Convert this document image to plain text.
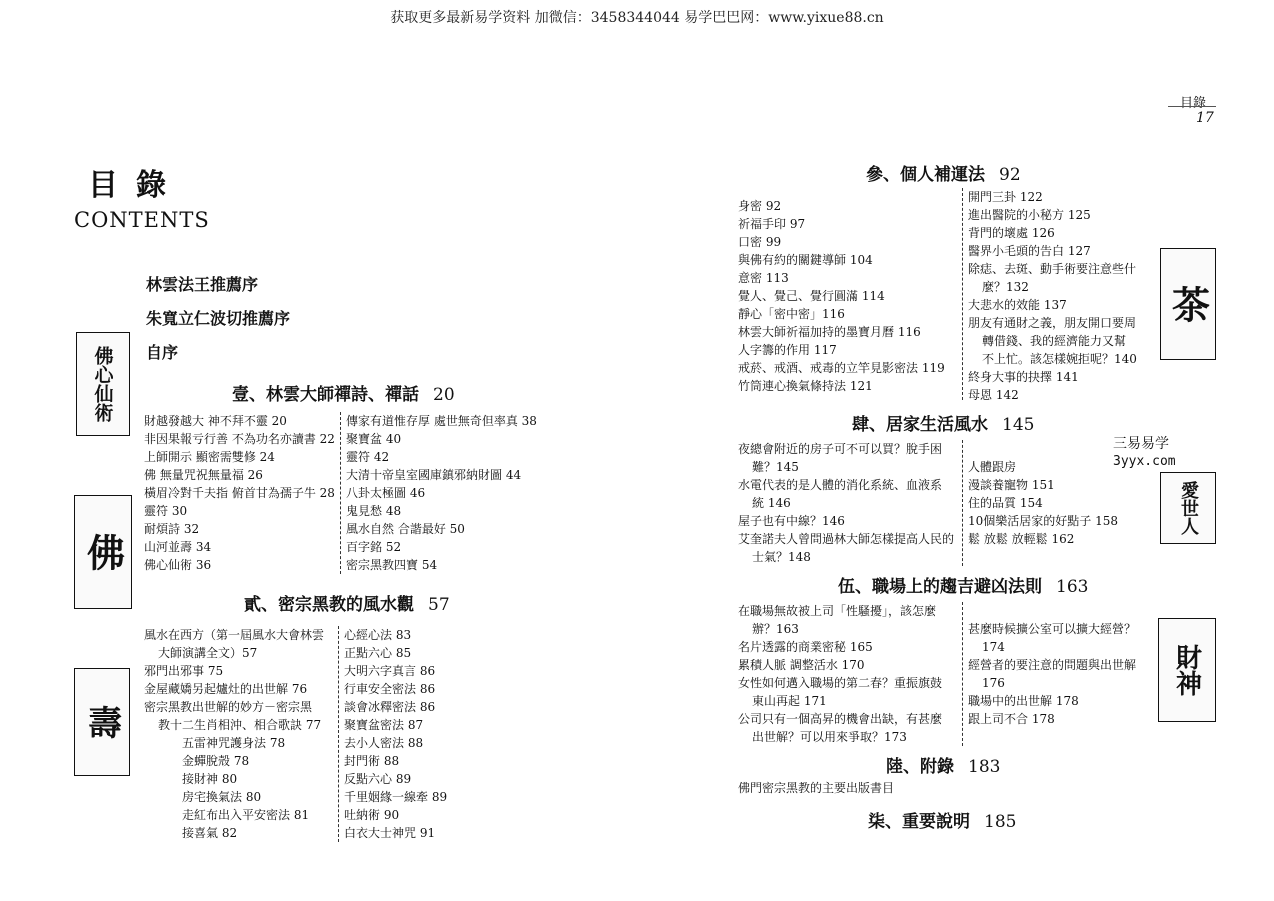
获取更多最新易学资料 加微信：3458344044 易学巴巴网：www.yixue88.cn
目錄
17
目錄
CONTENTS
林雲法王推薦序
朱寬立仁波切推薦序
自序
佛心仙術
佛
壽
茶
愛世人
財神
壹、林雲大師禪詩、禪話 20
財越發越大 神不拜不靈 20
非因果報亏行善 不為功名亦讀書 22
上師開示 顯密需雙修 24
佛 無量咒祝無量福 26
橫眉冷對千夫指 俯首甘為孺子牛 28
靈符 30
耐煩詩 32
山河並壽 34
佛心仙術 36
傳家有道惟存厚 處世無奇但率真 38
聚寶盆 40
靈符 42
大清十帝皇室國庫鎮邪納財圖 44
八卦太極圖 46
鬼見愁 48
風水自然 合諧最好 50
百字銘 52
密宗黑教四寶 54
貳、密宗黑教的風水觀 57
風水在西方（第一屆風水大會林雲
大師演講全文）57
邪門出邪事 75
金屋藏嬌另起爐灶的出世解 76
密宗黑教出世解的妙方－密宗黑
教十二生肖相沖、相合歌訣 77
五雷神咒護身法 78
金蟬脫殼 78
接財神 80
房宅換氣法 80
走紅布出入平安密法 81
接喜氣 82
心經心法 83
正點六心 85
大明六字真言 86
行車安全密法 86
談會冰釋密法 86
聚寶盆密法 87
去小人密法 88
封門術 88
反點六心 89
千里姻緣一線牽 89
吐納術 90
白衣大士神咒 91
參、個人補運法 92
身密 92
祈福手印 97
口密 99
與佛有約的關鍵導師 104
意密 113
覺人、覺己、覺行圓滿 114
靜心「密中密」116
林雲大師祈福加持的墨寶月曆 116
人字籌的作用 117
戒菸、戒酒、戒毒的立竿見影密法 119
竹筒連心換氣條持法 121
開門三卦 122
進出醫院的小秘方 125
背門的壞處 126
醫界小毛頭的告白 127
除痣、去斑、動手術要注意些什
麼？132
大悲水的效能 137
朋友有通財之義，朋友開口要周
轉借錢、我的經濟能力又幫
不上忙。該怎樣婉拒呢？140
終身大事的抉擇 141
母恩 142
肆、居家生活風水 145
夜總會附近的房子可不可以買？脫手困
難？145
水電代表的是人體的消化系統、血液系
統 146
屋子也有中線？146
艾奎諾夫人曾問過林大師怎樣提高人民的
士氣？148
人體跟房
漫談養寵物 151
住的品質 154
10個樂活居家的好點子 158
鬆 放鬆 放輕鬆 162
三易易学
3yyx.com
伍、職場上的趨吉避凶法則 163
在職場無故被上司「性騷擾」，該怎麼
辦？163
名片透露的商業密秘 165
累積人脈 調整活水 170
女性如何邁入職場的第二春？重振旗鼓
東山再起 171
公司只有一個高昇的機會出缺，有甚麼
出世解？可以用來爭取？173
甚麼時候擴公室可以擴大經營？
174
經營者的要注意的問題與出世解
176
職場中的出世解 178
跟上司不合 178
陸、附錄 183
佛門密宗黑教的主要出版書目
柒、重要說明 185
